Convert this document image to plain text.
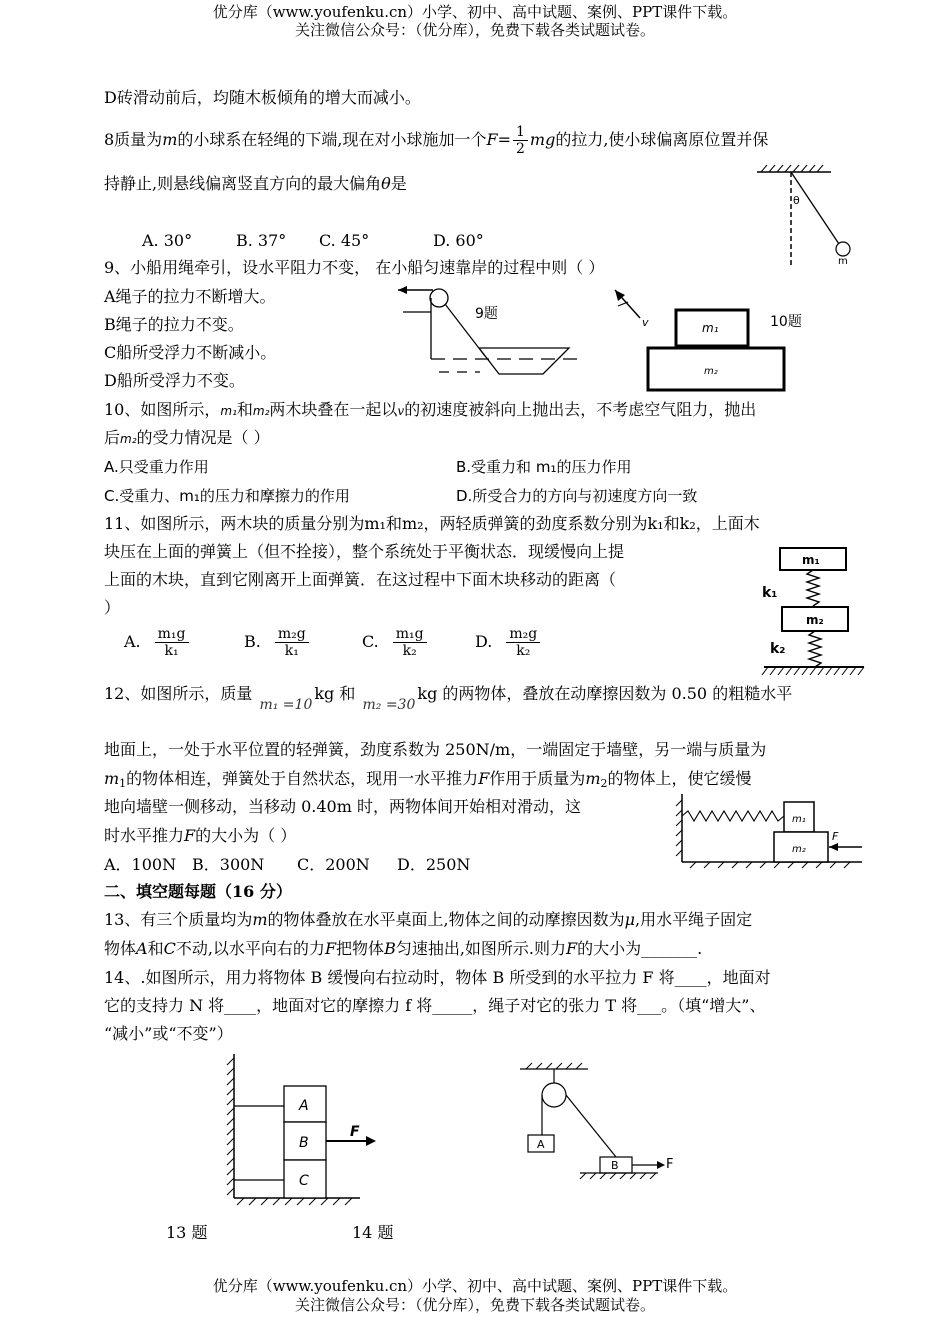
优分库（www.youfenku.cn）小学、初中、高中试题、案例、PPT课件下载。
关注微信公众号：（优分库），免费下载各类试题试卷。
D砖滑动前后，均随木板倾角的增大而减小。
8质量为m的小球系在轻绳的下端,现在对小球施加一个$F= \frac{1}{2}$ mg的拉力,使小球偏离原位置并保
持静止,则悬线偏离竖直方向的最大偏角θ是
A. 30°	B. 37° C. 45°	D. 60°
θ
m
9、小船用绳牵引，设水平阻力不变， 在小船匀速靠岸的过程中则（ ）
A绳子的拉力不断增大。
B绳子的拉力不变。
C船所受浮力不断减小。
D船所受浮力不变。
9题
v	m₁
m₂
10题
10、如图所示，m₁和m₂两木块叠在一起以v的初速度被斜向上抛出去，不考虑空气阻力，抛出
后m₂的受力情况是（ ）
A.只受重力作用	B.受重力和 m₁的压力作用
C.受重力、m₁的压力和摩擦力的作用	D.所受合力的方向与初速度方向一致
11、如图所示，两木块的质量分别为m₁和m₂，两轻质弹簧的劲度系数分别为k₁和k₂，上面木
块压在上面的弹簧上（但不拴接），整个系统处于平衡状态．现缓慢向上提
上面的木块，直到它刚离开上面弹簧．在这过程中下面木块移动的距离（
）
A. $\frac{\text{m₁g}}{\text{k₁}}$	B. $\frac{\text{m₂g}}{\text{k₁}}$	C. $\frac{\text{m₁g}}{\text{k₂}}$	D. $\frac{\text{m₂g}}{\text{k₂}}$
m₁
k₁
m₂
k₂
12、如图所示，质量 m₁ =10kg 和 m₂ =30kg 的两物体，叠放在动摩擦因数为 0.50 的粗糙水平
地面上，一处于水平位置的轻弹簧，劲度系数为 250N/m，一端固定于墙壁，另一端与质量为
$m_1$的物体相连，弹簧处于自然状态，现用一水平推力F作用于质量为$m_2$的物体上，使它缓慢
地向墙壁一侧移动，当移动 0.40m 时，两物体间开始相对滑动，这
时水平推力F的大小为（ ）
A．100N B．300N C．200N D．250N
m₁
m₂
F
二、填空题每题（16 分）
13、有三个质量均为m的物体叠放在水平桌面上,物体之间的动摩擦因数为μ,用水平绳子固定
物体A和C不动,以水平向右的力F把物体B匀速抽出,如图所示.则力F的大小为_______.
14、.如图所示，用力将物体 B 缓慢向右拉动时，物体 B 所受到的水平拉力 F 将____，地面对
它的支持力 N 将____，地面对它的摩擦力 f 将_____，绳子对它的张力 T 将___。（填“增大”、
“减小”或“不变”）
A
B
C
F
A
B	F
13 题	14 题
优分库（www.youfenku.cn）小学、初中、高中试题、案例、PPT课件下载。
关注微信公众号：（优分库），免费下载各类试题试卷。
